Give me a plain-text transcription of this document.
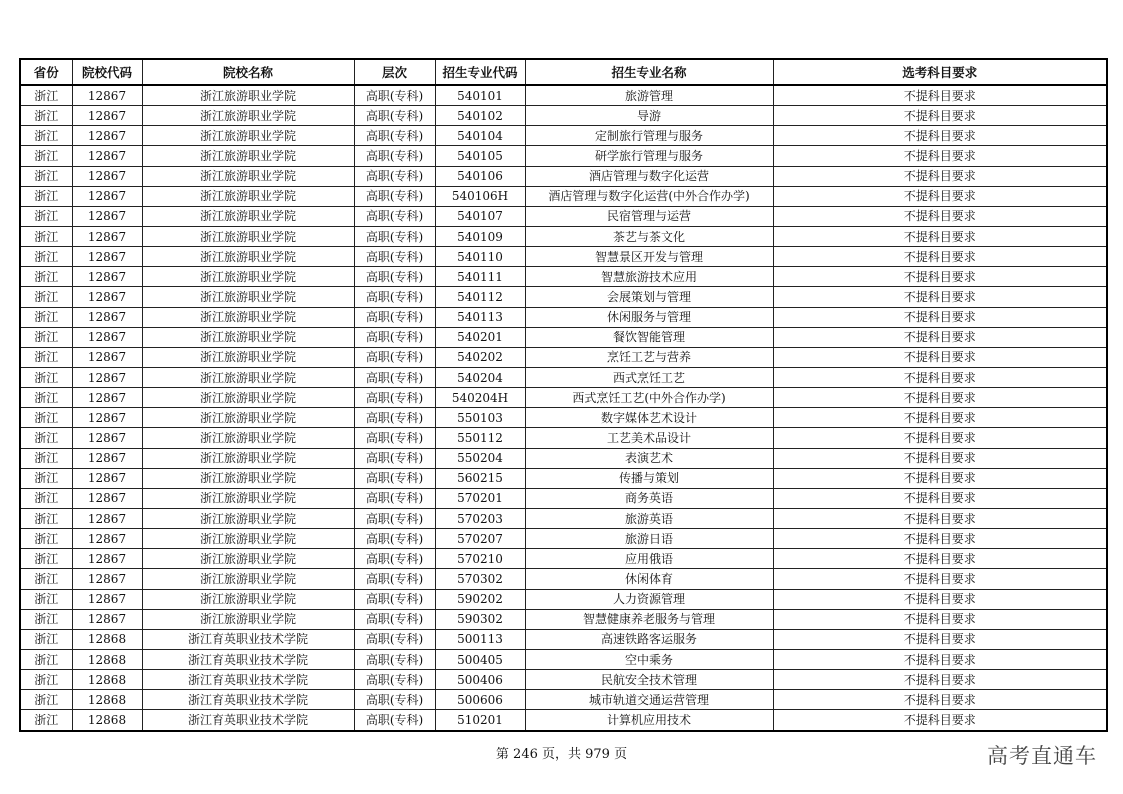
省份	院校代码	院校名称	层次	招生专业代码	招生专业名称	选考科目要求
浙江	12867	浙江旅游职业学院	高职(专科)	540101	旅游管理	不提科目要求
浙江	12867	浙江旅游职业学院	高职(专科)	540102	导游	不提科目要求
浙江	12867	浙江旅游职业学院	高职(专科)	540104	定制旅行管理与服务	不提科目要求
浙江	12867	浙江旅游职业学院	高职(专科)	540105	研学旅行管理与服务	不提科目要求
浙江	12867	浙江旅游职业学院	高职(专科)	540106	酒店管理与数字化运营	不提科目要求
浙江	12867	浙江旅游职业学院	高职(专科)	540106H	酒店管理与数字化运营(中外合作办学)	不提科目要求
浙江	12867	浙江旅游职业学院	高职(专科)	540107	民宿管理与运营	不提科目要求
浙江	12867	浙江旅游职业学院	高职(专科)	540109	茶艺与茶文化	不提科目要求
浙江	12867	浙江旅游职业学院	高职(专科)	540110	智慧景区开发与管理	不提科目要求
浙江	12867	浙江旅游职业学院	高职(专科)	540111	智慧旅游技术应用	不提科目要求
浙江	12867	浙江旅游职业学院	高职(专科)	540112	会展策划与管理	不提科目要求
浙江	12867	浙江旅游职业学院	高职(专科)	540113	休闲服务与管理	不提科目要求
浙江	12867	浙江旅游职业学院	高职(专科)	540201	餐饮智能管理	不提科目要求
浙江	12867	浙江旅游职业学院	高职(专科)	540202	烹饪工艺与营养	不提科目要求
浙江	12867	浙江旅游职业学院	高职(专科)	540204	西式烹饪工艺	不提科目要求
浙江	12867	浙江旅游职业学院	高职(专科)	540204H	西式烹饪工艺(中外合作办学)	不提科目要求
浙江	12867	浙江旅游职业学院	高职(专科)	550103	数字媒体艺术设计	不提科目要求
浙江	12867	浙江旅游职业学院	高职(专科)	550112	工艺美术品设计	不提科目要求
浙江	12867	浙江旅游职业学院	高职(专科)	550204	表演艺术	不提科目要求
浙江	12867	浙江旅游职业学院	高职(专科)	560215	传播与策划	不提科目要求
浙江	12867	浙江旅游职业学院	高职(专科)	570201	商务英语	不提科目要求
浙江	12867	浙江旅游职业学院	高职(专科)	570203	旅游英语	不提科目要求
浙江	12867	浙江旅游职业学院	高职(专科)	570207	旅游日语	不提科目要求
浙江	12867	浙江旅游职业学院	高职(专科)	570210	应用俄语	不提科目要求
浙江	12867	浙江旅游职业学院	高职(专科)	570302	休闲体育	不提科目要求
浙江	12867	浙江旅游职业学院	高职(专科)	590202	人力资源管理	不提科目要求
浙江	12867	浙江旅游职业学院	高职(专科)	590302	智慧健康养老服务与管理	不提科目要求
浙江	12868	浙江育英职业技术学院	高职(专科)	500113	高速铁路客运服务	不提科目要求
浙江	12868	浙江育英职业技术学院	高职(专科)	500405	空中乘务	不提科目要求
浙江	12868	浙江育英职业技术学院	高职(专科)	500406	民航安全技术管理	不提科目要求
浙江	12868	浙江育英职业技术学院	高职(专科)	500606	城市轨道交通运营管理	不提科目要求
浙江	12868	浙江育英职业技术学院	高职(专科)	510201	计算机应用技术	不提科目要求
第 246 页，共 979 页	高考直通车
